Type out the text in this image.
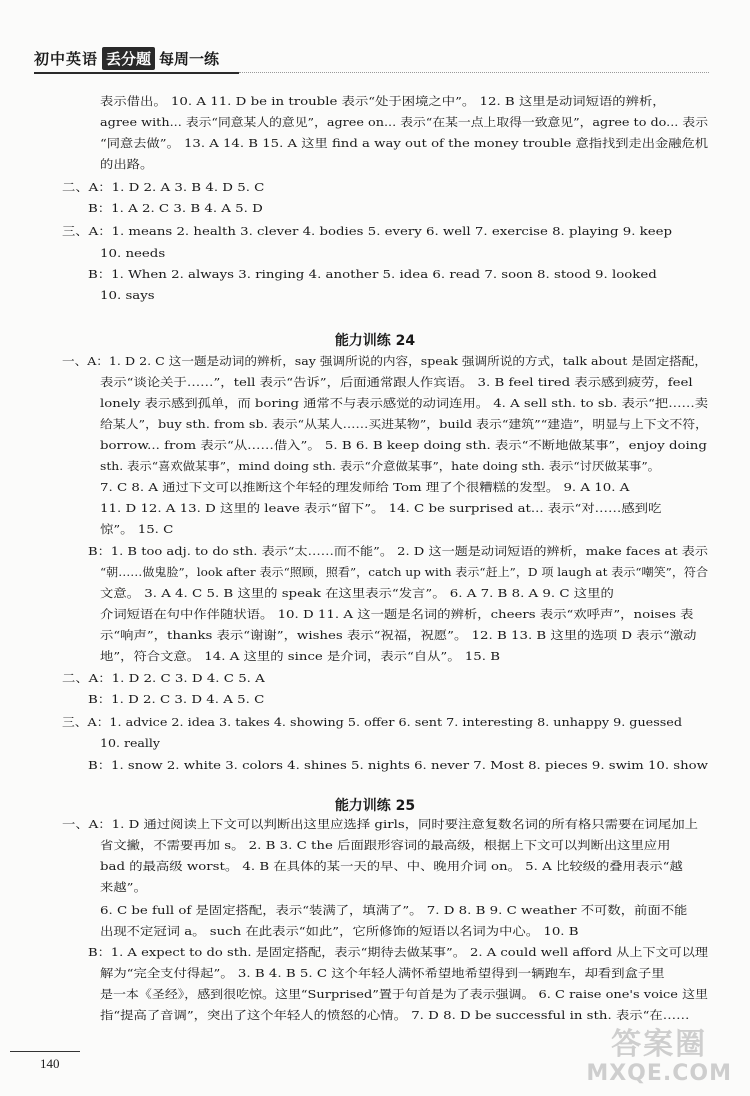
初中英语 丢分题 每周一练
表示借出。 10. A 11. D be in trouble 表示“处于困境之中”。 12. B 这里是动词短语的辨析，
agree with... 表示“同意某人的意见”，agree on... 表示“在某一点上取得一致意见”，agree to do... 表示
“同意去做”。 13. A 14. B 15. A 这里 find a way out of the money trouble 意指找到走出金融危机
的出路。
二、A：1. D 2. A 3. B 4. D 5. C
B：1. A 2. C 3. B 4. A 5. D
三、A：1. means 2. health 3. clever 4. bodies 5. every 6. well 7. exercise 8. playing 9. keep
10. needs
B：1. When 2. always 3. ringing 4. another 5. idea 6. read 7. soon 8. stood 9. looked
10. says
一、A：1. D 2. C 这一题是动词的辨析，say 强调所说的内容，speak 强调所说的方式，talk about 是固定搭配，
表示“谈论关于……”，tell 表示“告诉”，后面通常跟人作宾语。 3. B feel tired 表示感到疲劳，feel
lonely 表示感到孤单，而 boring 通常不与表示感觉的动词连用。 4. A sell sth. to sb. 表示“把……卖
给某人”，buy sth. from sb. 表示“从某人……买进某物”，build 表示“建筑”“建造”，明显与上下文不符，
borrow... from 表示“从……借入”。 5. B 6. B keep doing sth. 表示“不断地做某事”，enjoy doing
sth. 表示“喜欢做某事”，mind doing sth. 表示“介意做某事”，hate doing sth. 表示“讨厌做某事”。
7. C 8. A 通过下文可以推断这个年轻的理发师给 Tom 理了个很糟糕的发型。 9. A 10. A
11. D 12. A 13. D 这里的 leave 表示“留下”。 14. C be surprised at... 表示“对……感到吃
惊”。 15. C
B：1. B too adj. to do sth. 表示“太……而不能”。 2. D 这一题是动词短语的辨析，make faces at 表示
“朝……做鬼脸”，look after 表示“照顾，照看”，catch up with 表示“赶上”，D 项 laugh at 表示“嘲笑”，符合
文意。 3. A 4. C 5. B 这里的 speak 在这里表示“发言”。 6. A 7. B 8. A 9. C 这里的
介词短语在句中作伴随状语。 10. D 11. A 这一题是名词的辨析，cheers 表示“欢呼声”，noises 表
示“响声”，thanks 表示“谢谢”，wishes 表示“祝福，祝愿”。 12. B 13. B 这里的选项 D 表示“激动
地”，符合文意。 14. A 这里的 since 是介词，表示“自从”。 15. B
二、A：1. D 2. C 3. D 4. C 5. A
B：1. D 2. C 3. D 4. A 5. C
三、A：1. advice 2. idea 3. takes 4. showing 5. offer 6. sent 7. interesting 8. unhappy 9. guessed
10. really
B：1. snow 2. white 3. colors 4. shines 5. nights 6. never 7. Most 8. pieces 9. swim 10. show
一、A：1. D 通过阅读上下文可以判断出这里应选择 girls，同时要注意复数名词的所有格只需要在词尾加上
省文撇，不需要再加 s。 2. B 3. C the 后面跟形容词的最高级，根据上下文可以判断出这里应用
bad 的最高级 worst。 4. B 在具体的某一天的早、中、晚用介词 on。 5. A 比较级的叠用表示“越
来越”。
6. C be full of 是固定搭配，表示“装满了，填满了”。 7. D 8. B 9. C weather 不可数，前面不能
出现不定冠词 a。 such 在此表示“如此”，它所修饰的短语以名词为中心。 10. B
B：1. A expect to do sth. 是固定搭配，表示“期待去做某事”。 2. A could well afford 从上下文可以理
解为“完全支付得起”。 3. B 4. B 5. C 这个年轻人满怀希望地希望得到一辆跑车，却看到盒子里
是一本《圣经》，感到很吃惊。这里“Surprised”置于句首是为了表示强调。 6. C raise one's voice 这里
指“提高了音调”，突出了这个年轻人的愤怒的心情。 7. D 8. D be successful in sth. 表示“在……
能力训练 24
能力训练 25
140
答案圈
MXQE.COM
